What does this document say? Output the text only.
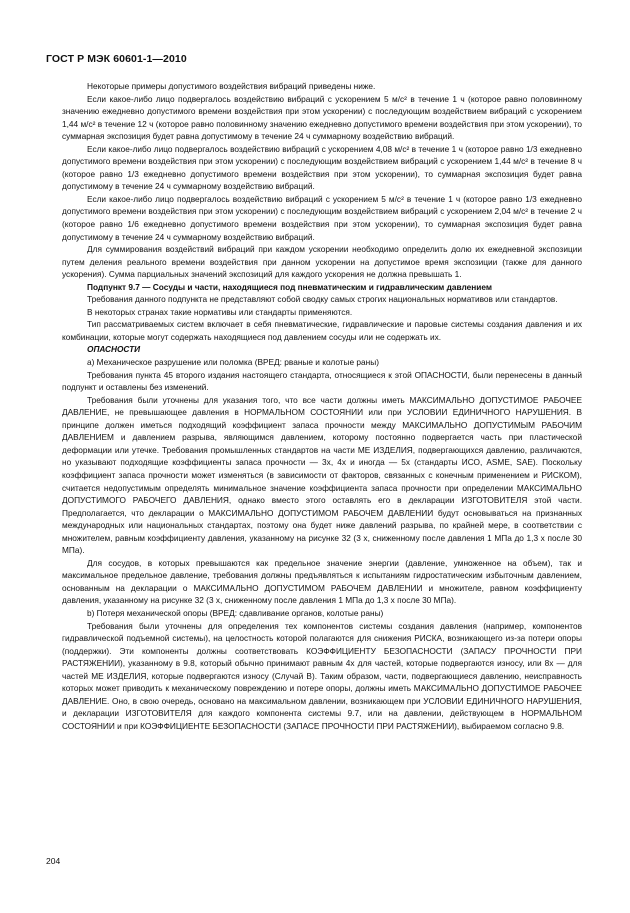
ГОСТ Р МЭК 60601-1—2010

Некоторые примеры допустимого воздействия вибраций приведены ниже.

Если какое-либо лицо подвергалось воздействию вибраций с ускорением 5 м/с² в течение 1 ч (которое равно половинному значению ежедневно допустимого времени воздействия при этом ускорении) с последующим воздействием вибраций с ускорением 1,44 м/с² в течение 12 ч (которое равно половинному значению ежедневно допустимого времени воздействия при этом ускорении), то суммарная экспозиция будет равна допустимому в течение 24 ч суммарному воздействию вибраций.

Если какое-либо лицо подвергалось воздействию вибраций с ускорением 4,08 м/с² в течение 1 ч (которое равно 1/3 ежедневно допустимого времени воздействия при этом ускорении) с последующим воздействием вибраций с ускорением 1,44 м/с² в течение 8 ч (которое равно 1/3 ежедневно допустимого времени воздействия при этом ускорении), то суммарная экспозиция будет равна допустимому в течение 24 ч суммарному воздействию вибраций.

Если какое-либо лицо подвергалось воздействию вибраций с ускорением 5 м/с² в течение 1 ч (которое равно 1/3 ежедневно допустимого времени воздействия при этом ускорении) с последующим воздействием вибраций с ускорением 2,04 м/с² в течение 2 ч (которое равно 1/6 ежедневно допустимого времени воздействия при этом ускорении), то суммарная экспозиция будет равна допустимому в течение 24 ч суммарному воздействию вибраций.

Для суммирования воздействий вибраций при каждом ускорении необходимо определить долю их ежедневной экспозиции путем деления реального времени воздействия при данном ускорении на допустимое время экспозиции (также для данного ускорения). Сумма парциальных значений экспозиций для каждого ускорения не должна превышать 1.

Подпункт 9.7 — Сосуды и части, находящиеся под пневматическим и гидравлическим давлением

Требования данного подпункта не представляют собой сводку самых строгих национальных нормативов или стандартов.

В некоторых странах такие нормативы или стандарты применяются.

Тип рассматриваемых систем включает в себя пневматические, гидравлические и паровые системы создания давления и их комбинации, которые могут содержать находящиеся под давлением сосуды или не содержать их.

ОПАСНОСТИ

а) Механическое разрушение или поломка (ВРЕД: рваные и колотые раны)

Требования пункта 45 второго издания настоящего стандарта, относящиеся к этой ОПАСНОСТИ, были перенесены в данный подпункт и оставлены без изменений.

Требования были уточнены для указания того, что все части должны иметь МАКСИМАЛЬНО ДОПУСТИМОЕ РАБОЧЕЕ ДАВЛЕНИЕ, не превышающее давления в НОРМАЛЬНОМ СОСТОЯНИИ или при УСЛОВИИ ЕДИНИЧНОГО НАРУШЕНИЯ. В принципе должен иметься подходящий коэффициент запаса прочности между МАКСИМАЛЬНО ДОПУСТИМЫМ РАБОЧИМ ДАВЛЕНИЕМ и давлением разрыва, являющимся давлением, которому постоянно подвергается часть при пластической деформации или утечке. Требования промышленных стандартов на части МЕ ИЗДЕЛИЯ, подвергающихся давлению, различаются, но указывают подходящие коэффициенты запаса прочности — 3х, 4х и иногда — 5х (стандарты ИСО, ASME, SAE). Поскольку коэффициент запаса прочности может изменяться (в зависимости от факторов, связанных с конечным применением и РИСКОМ), считается недопустимым определять минимальное значение коэффициента запаса прочности при определении МАКСИМАЛЬНО ДОПУСТИМОГО РАБОЧЕГО ДАВЛЕНИЯ, однако вместо этого оставлять его в декларации ИЗГОТОВИТЕЛЯ этой части. Предполагается, что декларации о МАКСИМАЛЬНО ДОПУСТИМОМ РАБОЧЕМ ДАВЛЕНИИ будут основываться на признанных международных или национальных стандартах, поэтому она будет ниже давлений разрыва, по крайней мере, в соответствии с множителем, равным коэффициенту давления, указанному на рисунке 32 (3 х, сниженному после давления 1 МПа до 1,3 х после 30 МПа).

Для сосудов, в которых превышаются как предельное значение энергии (давление, умноженное на объем), так и максимальное предельное давление, требования должны предъявляться к испытаниям гидростатическим избыточным давлением, основанным на декларации о МАКСИМАЛЬНО ДОПУСТИМОМ РАБОЧЕМ ДАВЛЕНИИ и множителе, равном коэффициенту давления, указанному на рисунке 32 (3 х, сниженному после давления 1 МПа до 1,3 х после 30 МПа).

b) Потеря механической опоры (ВРЕД: сдавливание органов, колотые раны)

Требования были уточнены для определения тех компонентов системы создания давления (например, компонентов гидравлической подъемной системы), на целостность которой полагаются для снижения РИСКА, возникающего из-за потери опоры (поддержки). Эти компоненты должны соответствовать КОЭФФИЦИЕНТУ БЕЗОПАСНОСТИ (ЗАПАСУ ПРОЧНОСТИ ПРИ РАСТЯЖЕНИИ), указанному в 9.8, который обычно принимают равным 4х для частей, которые подвергаются износу, или 8х — для частей МЕ ИЗДЕЛИЯ, которые подвергаются износу (Случай В). Таким образом, части, подвергающиеся давлению, неисправность которых может приводить к механическому повреждению и потере опоры, должны иметь МАКСИМАЛЬНО ДОПУСТИМОЕ РАБОЧЕЕ ДАВЛЕНИЕ. Оно, в свою очередь, основано на максимальном давлении, возникающем при УСЛОВИИ ЕДИНИЧНОГО НАРУШЕНИЯ, и декларации ИЗГОТОВИТЕЛЯ для каждого компонента системы 9.7, или на давлении, действующем в НОРМАЛЬНОМ СОСТОЯНИИ и при КОЭФФИЦИЕНТЕ БЕЗОПАСНОСТИ (ЗАПАСЕ ПРОЧНОСТИ ПРИ РАСТЯЖЕНИИ), выбираемом согласно 9.8.

204
